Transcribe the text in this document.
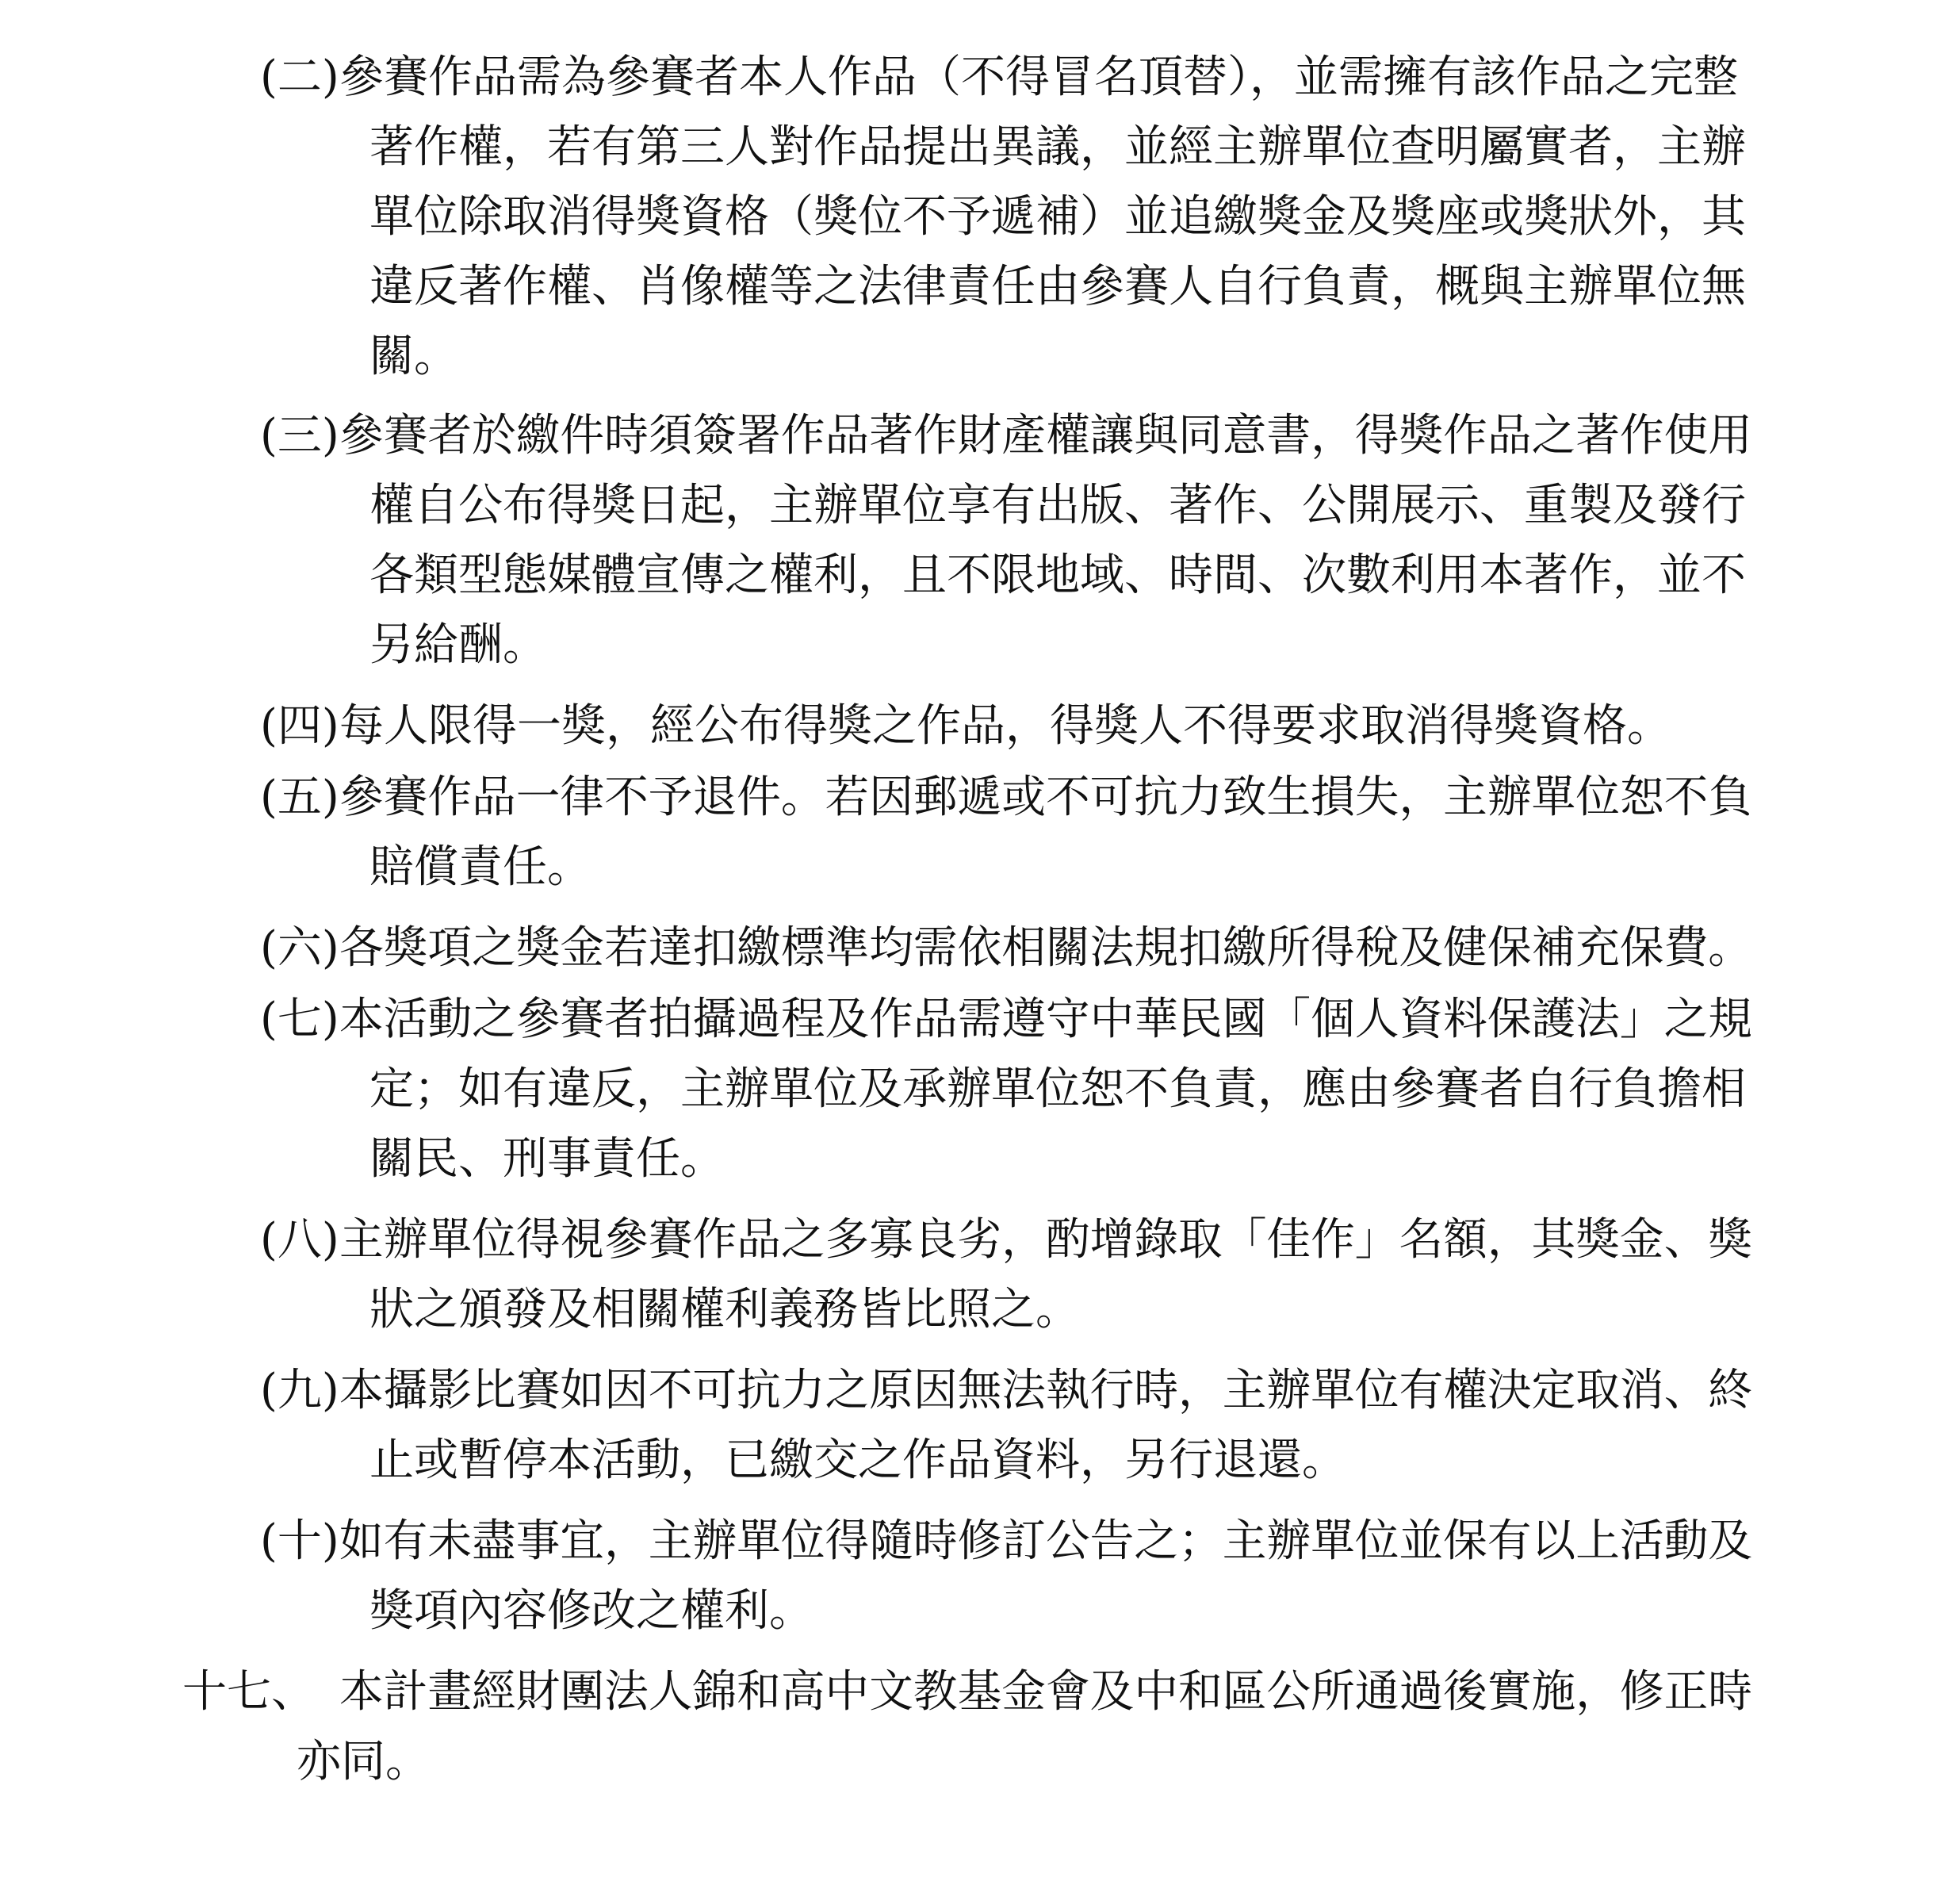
(二) 參賽作品需為參賽者本人作品（不得冒名頂替），並需擁有該作品之完整
著作權，若有第三人對作品提出異議，並經主辦單位查明屬實者，主辦
單位除取消得獎資格（獎位不予遞補）並追繳獎金及獎座或獎狀外，其
違反著作權、肖像權等之法律責任由參賽人自行負責，概與主辦單位無
關。
(三) 參賽者於繳件時須簽署作品著作財產權讓與同意書，得獎作品之著作使用
權自公布得獎日起，主辦單位享有出版、著作、公開展示、重製及發行
各類型態媒體宣傳之權利，且不限地域、時間、次數利用本著作，並不
另給酬。
(四) 每人限得一獎，經公布得獎之作品，得獎人不得要求取消得獎資格。
(五) 參賽作品一律不予退件。若因郵遞或不可抗力致生損失，主辦單位恕不負
賠償責任。
(六) 各獎項之獎金若達扣繳標準均需依相關法規扣繳所得稅及健保補充保費。
(七) 本活動之參賽者拍攝過程及作品需遵守中華民國「個人資料保護法」之規
定；如有違反，主辦單位及承辦單位恕不負責，應由參賽者自行負擔相
關民、刑事責任。
(八) 主辦單位得視參賽作品之多寡良劣，酌增錄取「佳作」名額，其獎金、獎
狀之頒發及相關權利義務皆比照之。
(九) 本攝影比賽如因不可抗力之原因無法執行時，主辦單位有權決定取消、終
止或暫停本活動，已繳交之作品資料，另行退還。
(十) 如有未盡事宜，主辦單位得隨時修訂公告之；主辦單位並保有以上活動及
獎項內容修改之權利。
十七、 本計畫經財團法人錦和高中文教基金會及中和區公所通過後實施，修正時
亦同。
